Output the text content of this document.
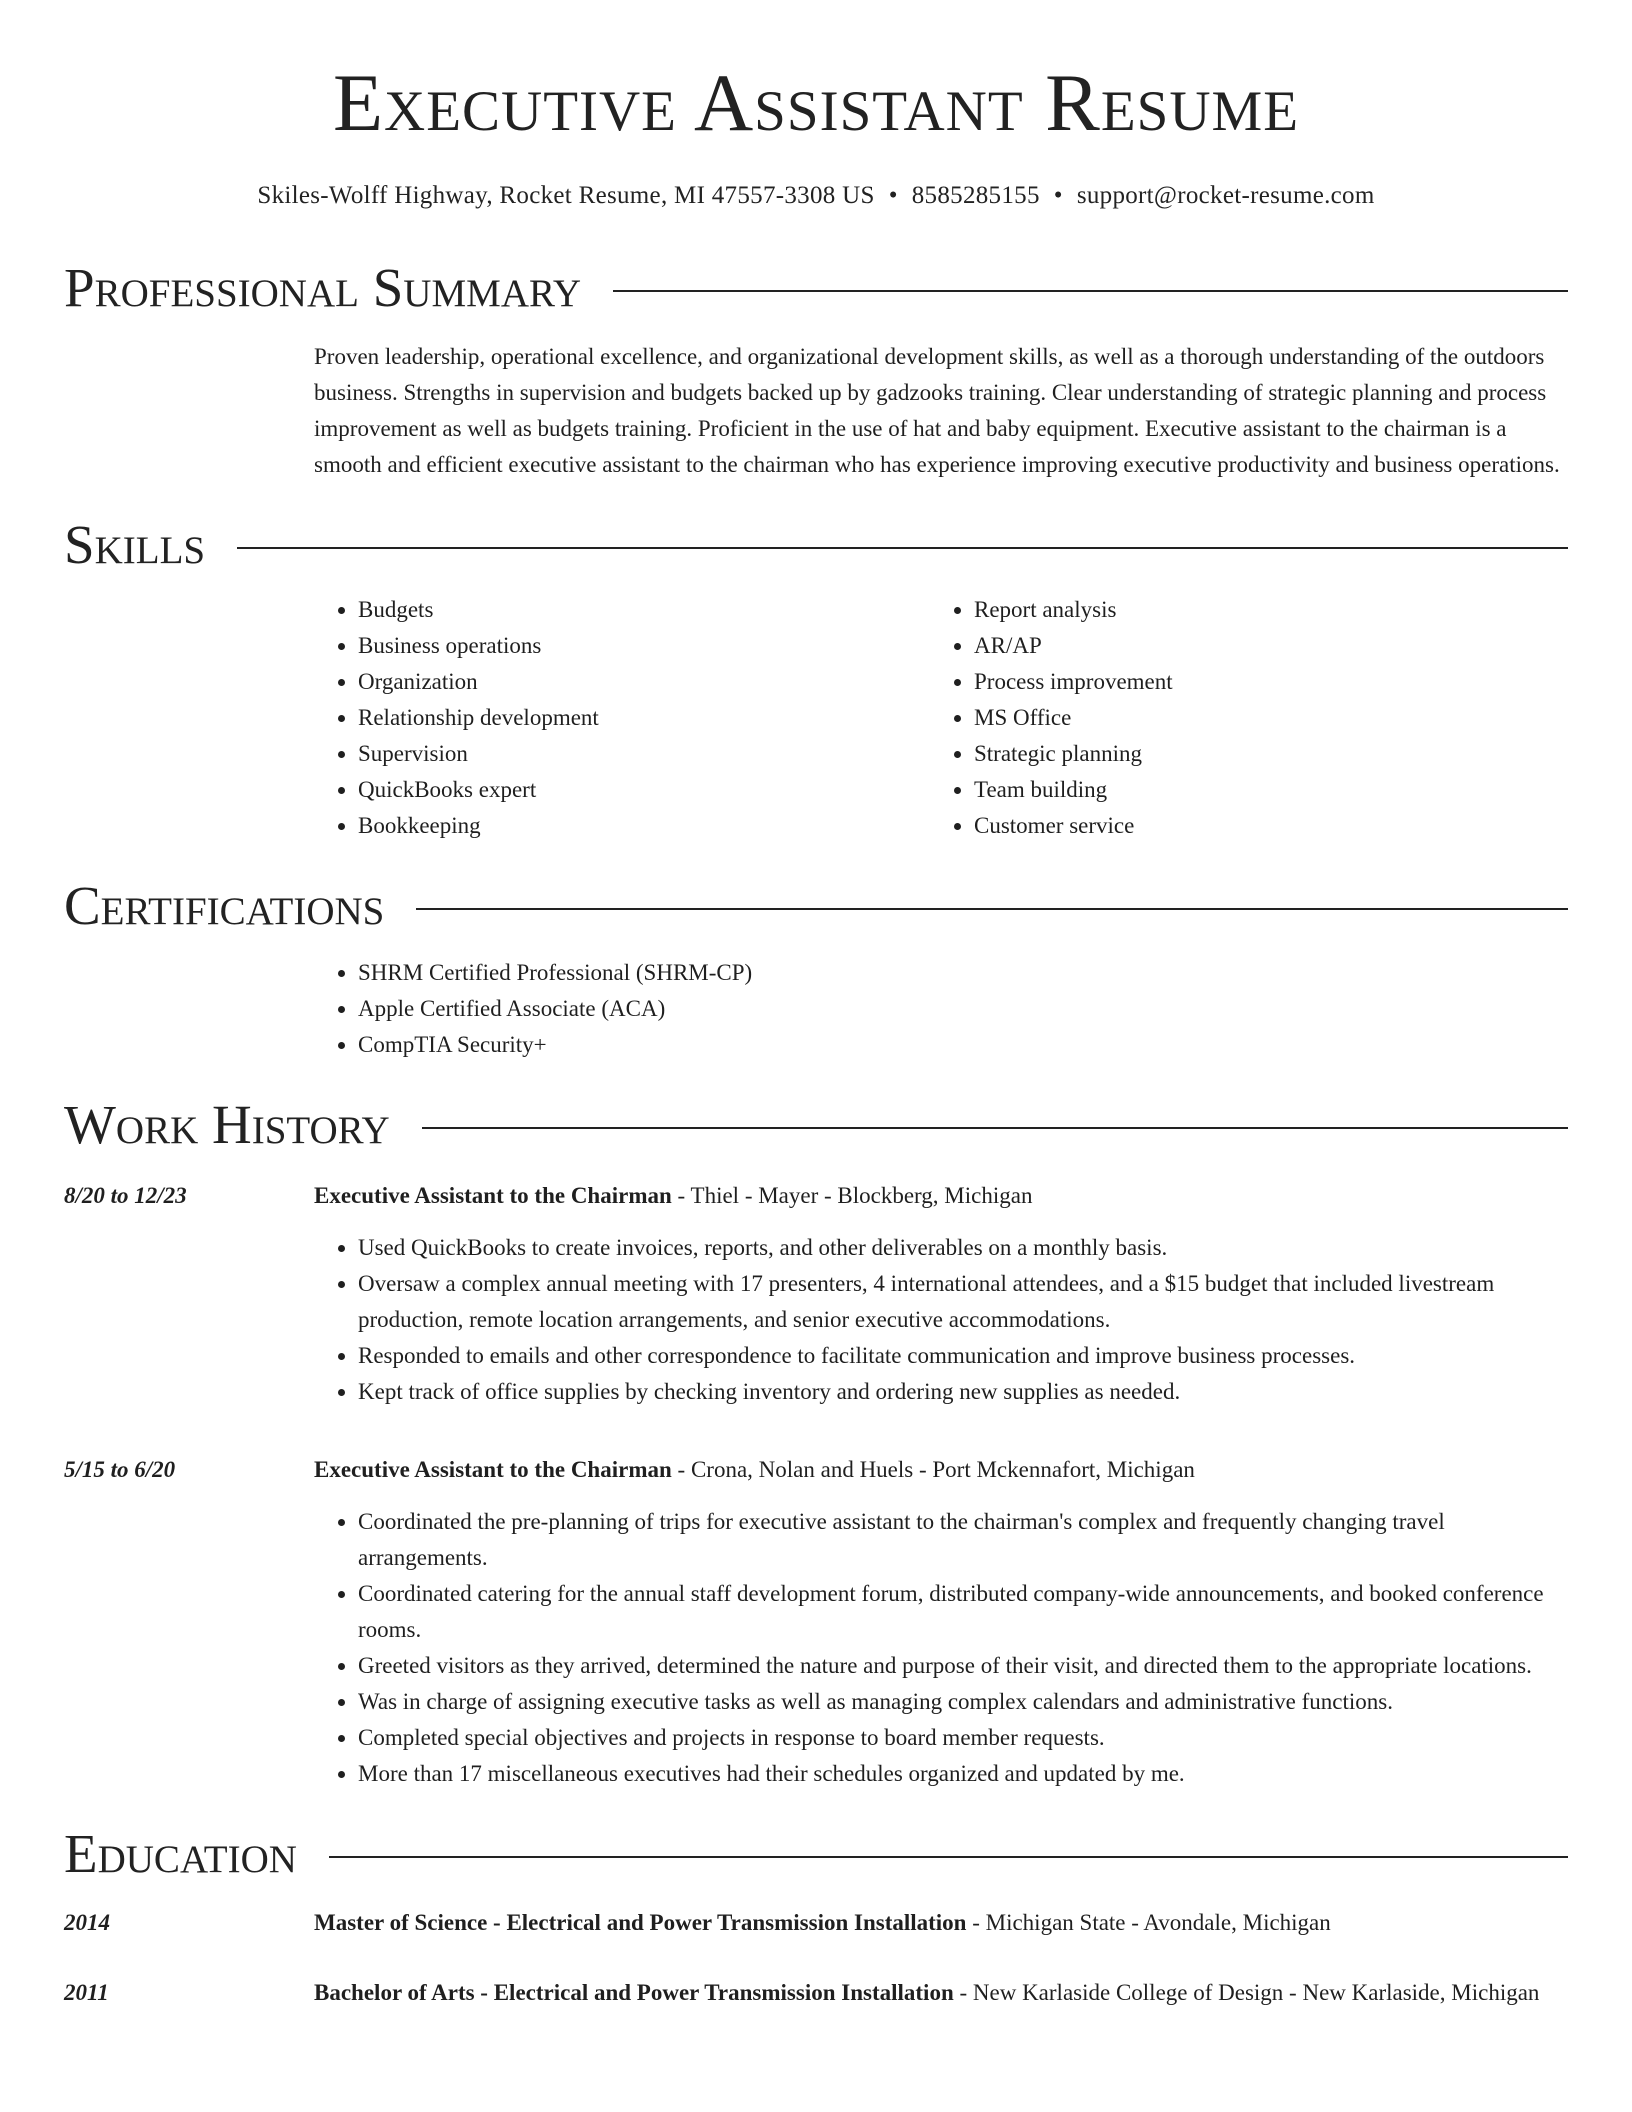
Executive Assistant Resume
Skiles-Wolff Highway, Rocket Resume, MI 47557-3308 US • 8585285155 • support@rocket-resume.com
Professional Summary

Proven leadership, operational excellence, and organizational development skills, as well as a thorough understanding of the outdoors business. Strengths in supervision and budgets backed up by gadzooks training. Clear understanding of strategic planning and process improvement as well as budgets training. Proficient in the use of hat and baby equipment. Executive assistant to the chairman is a smooth and efficient executive assistant to the chairman who has experience improving executive productivity and business operations.

Skills
• Budgets
• Business operations
• Organization
• Relationship development
• Supervision
• QuickBooks expert
• Bookkeeping
• Report analysis
• AR/AP
• Process improvement
• MS Office
• Strategic planning
• Team building
• Customer service
Certifications
• SHRM Certified Professional (SHRM-CP)
• Apple Certified Associate (ACA)
• CompTIA Security+
Work History
8/20 to 12/23	Executive Assistant to the Chairman - Thiel - Mayer - Blockberg, Michigan
• Used QuickBooks to create invoices, reports, and other deliverables on a monthly basis.
• Oversaw a complex annual meeting with 17 presenters, 4 international attendees, and a $15 budget that included livestream production, remote location arrangements, and senior executive accommodations.
• Responded to emails and other correspondence to facilitate communication and improve business processes.
• Kept track of office supplies by checking inventory and ordering new supplies as needed.
5/15 to 6/20	Executive Assistant to the Chairman - Crona, Nolan and Huels - Port Mckennafort, Michigan
• Coordinated the pre-planning of trips for executive assistant to the chairman's complex and frequently changing travel arrangements.
• Coordinated catering for the annual staff development forum, distributed company-wide announcements, and booked conference rooms.
• Greeted visitors as they arrived, determined the nature and purpose of their visit, and directed them to the appropriate locations.
• Was in charge of assigning executive tasks as well as managing complex calendars and administrative functions.
• Completed special objectives and projects in response to board member requests.
• More than 17 miscellaneous executives had their schedules organized and updated by me.
Education
2014	Master of Science - Electrical and Power Transmission Installation - Michigan State - Avondale, Michigan
2011	Bachelor of Arts - Electrical and Power Transmission Installation - New Karlaside College of Design - New Karlaside, Michigan
